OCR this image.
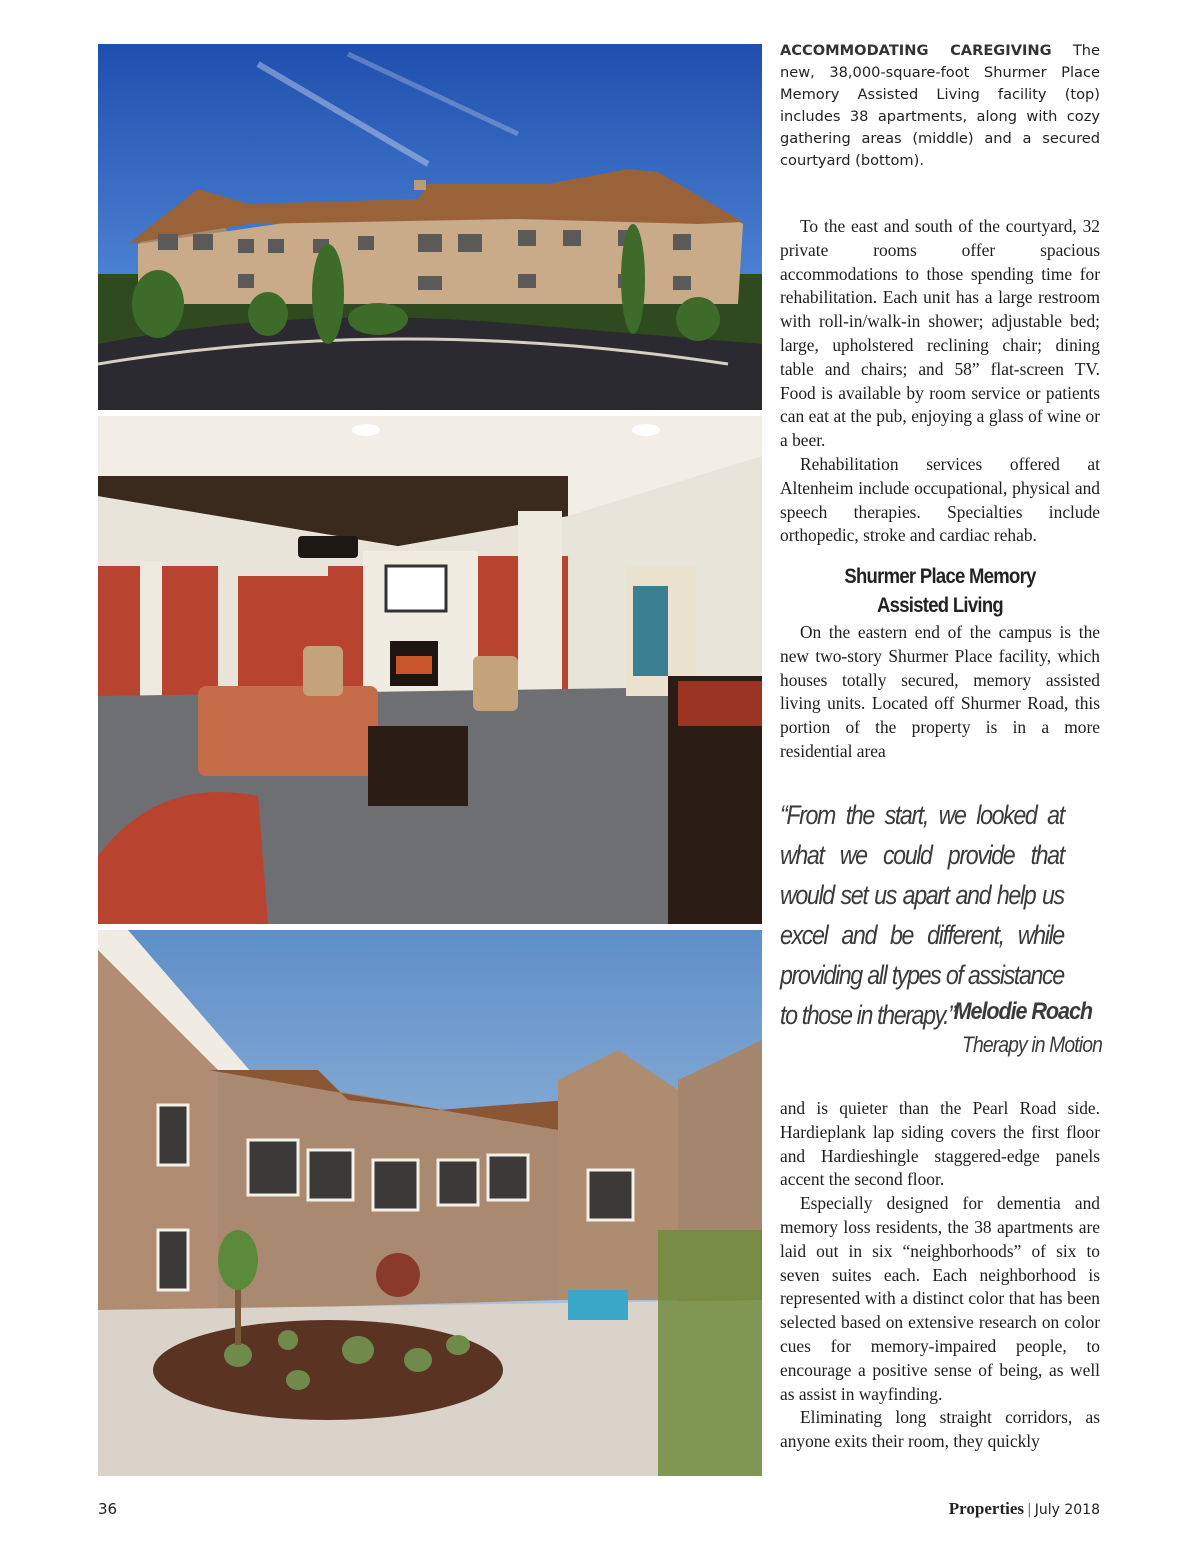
ACCOMMODATING CAREGIVING The new, 38,000-square-foot Shurmer Place Memory Assisted Living facility (top) includes 38 apartments, along with cozy gathering areas (middle) and a secured courtyard (bottom).

To the east and south of the courtyard, 32 private rooms offer spacious accommodations to those spending time for rehabilitation. Each unit has a large restroom with roll-in/walk-in shower; adjustable bed; large, upholstered reclining chair; dining table and chairs; and 58” flat-screen TV. Food is available by room service or patients can eat at the pub, enjoying a glass of wine or a beer.

Rehabilitation services offered at Altenheim include occupational, physical and speech therapies. Specialties include orthopedic, stroke and cardiac rehab.

Shurmer Place Memory
Assisted Living

On the eastern end of the campus is the new two-story Shurmer Place facility, which houses totally secured, memory assisted living units. Located off Shurmer Road, this portion of the property is in a more residential area

“From the start, we looked at what we could provide that would set us apart and help us excel and be different, while providing all types of assistance to those in therapy.”
Melodie Roach
Therapy in Motion

and is quieter than the Pearl Road side. Hardieplank lap siding covers the first floor and Hardieshingle staggered-edge panels accent the second floor.

Especially designed for dementia and memory loss residents, the 38 apartments are laid out in six “neighborhoods” of six to seven suites each. Each neighborhood is represented with a distinct color that has been selected based on extensive research on color cues for memory-impaired people, to encourage a positive sense of being, as well as assist in wayfinding.

Eliminating long straight corridors, as anyone exits their room, they quickly

36	Properties | July 2018
